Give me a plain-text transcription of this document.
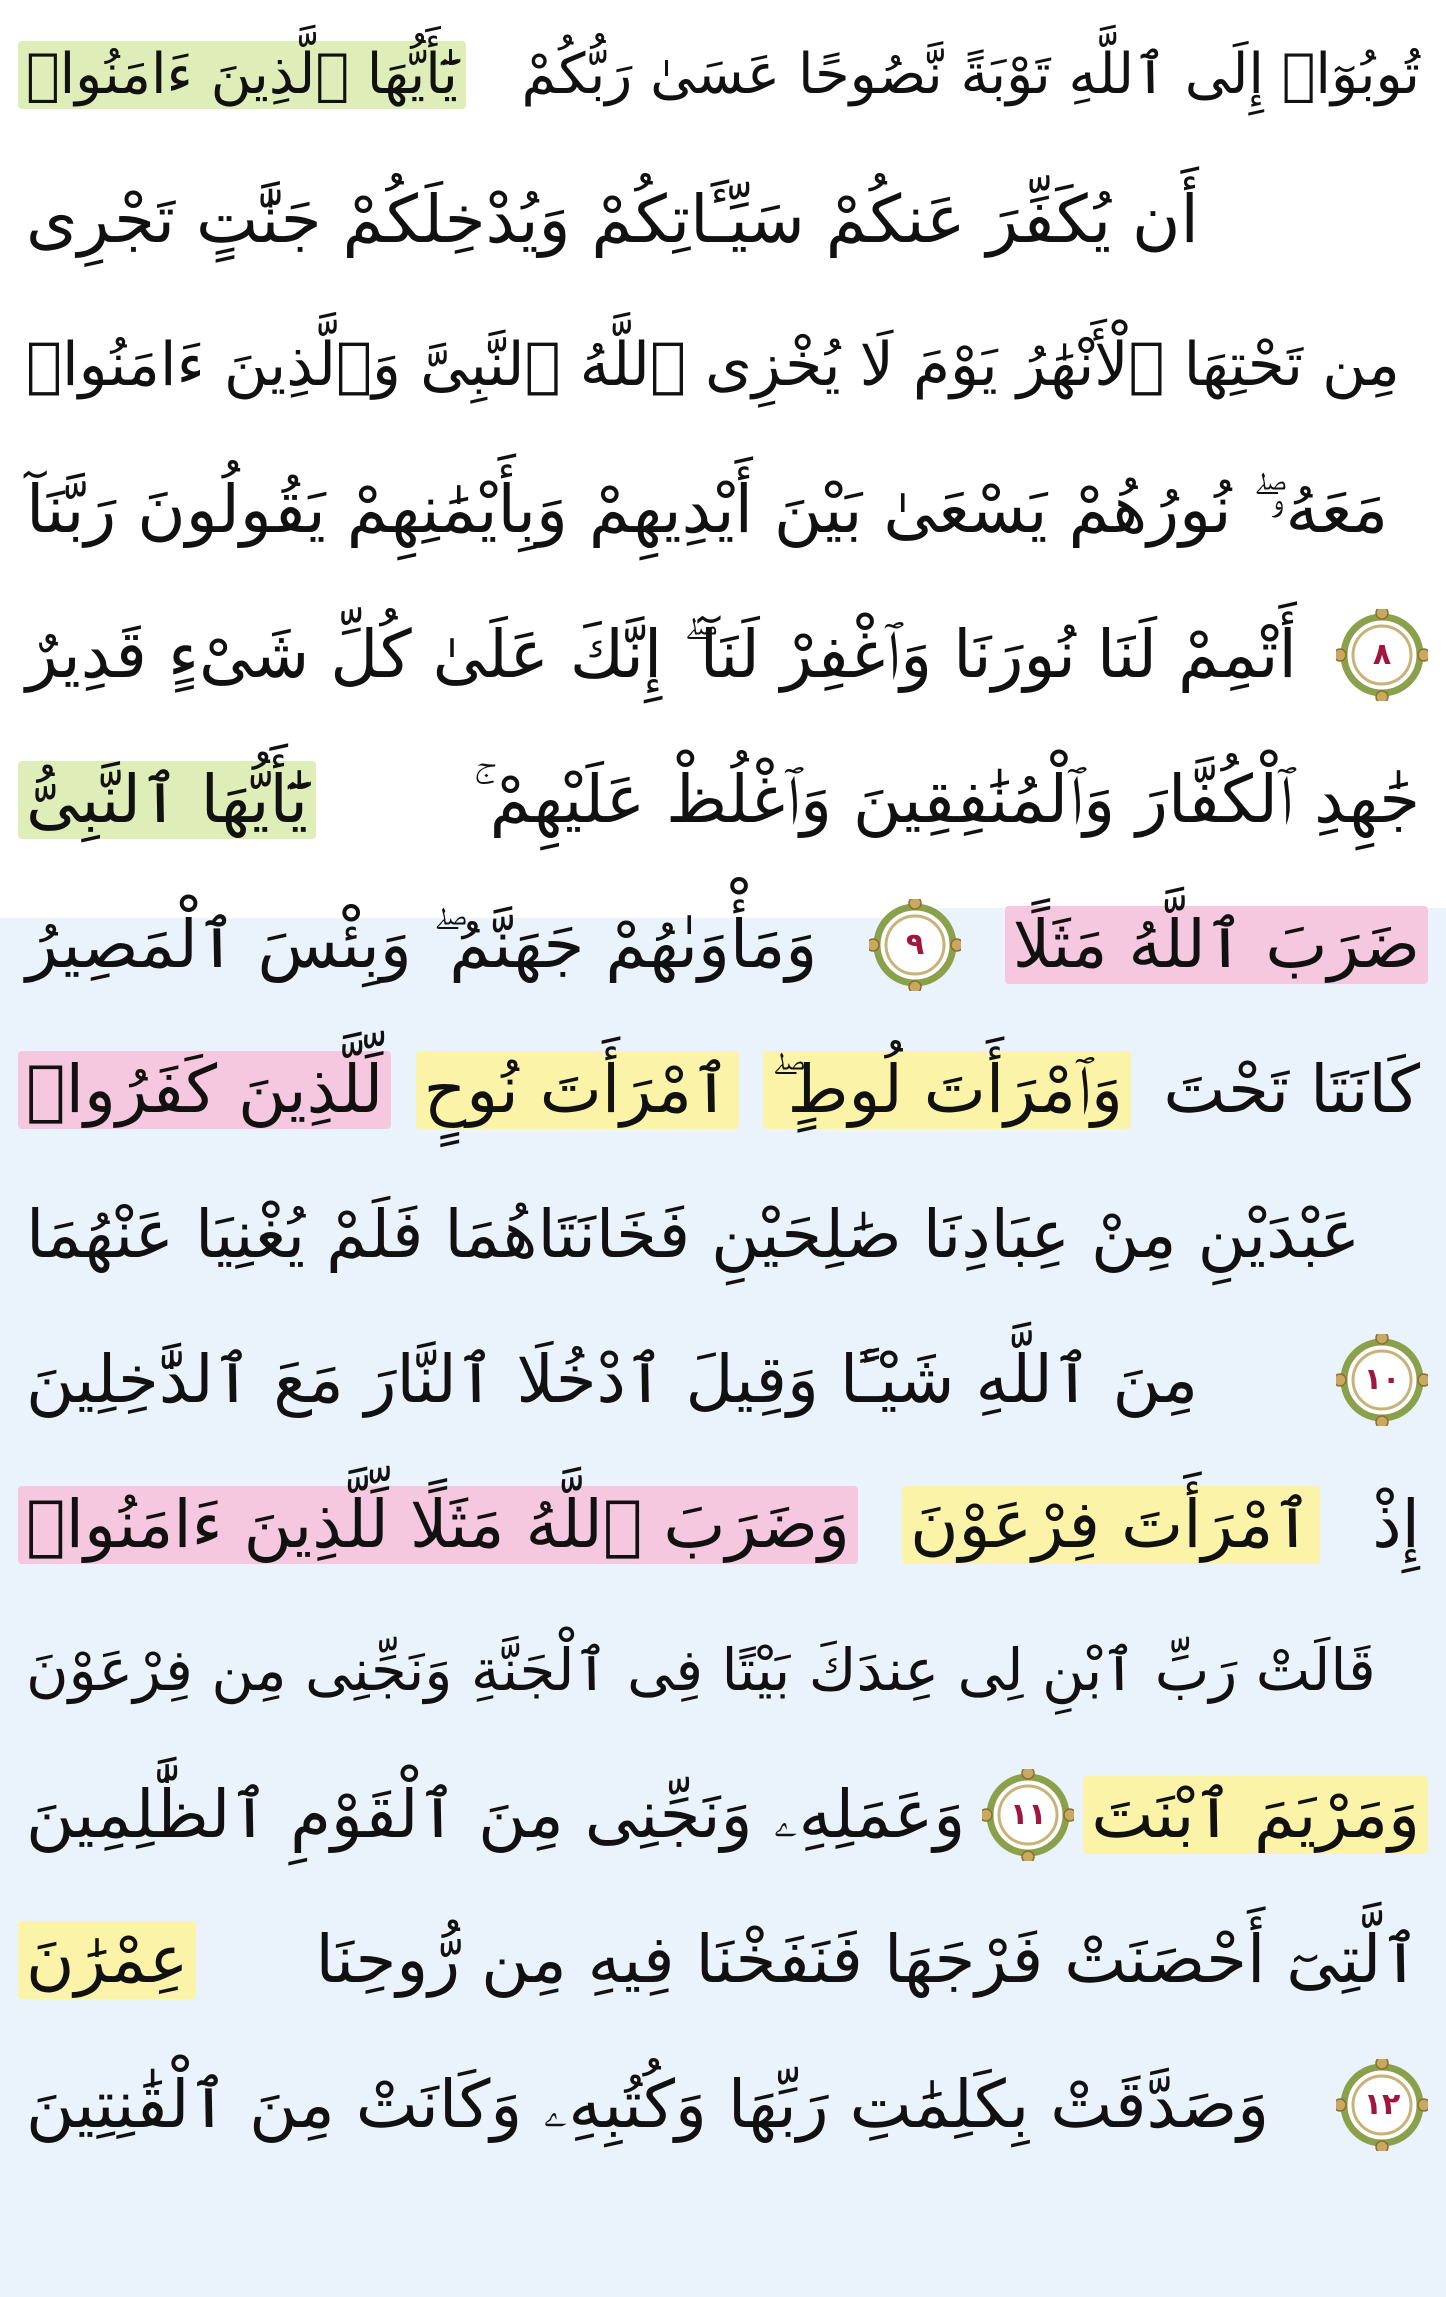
يَٰٓأَيُّهَا ٱلَّذِينَ ءَامَنُوا۟ تُوبُوٓا۟ إِلَى ٱللَّهِ تَوْبَةً نَّصُوحًا عَسَىٰ رَبُّكُمْ
أَن يُكَفِّرَ عَنكُمْ سَيِّـَٔاتِكُمْ وَيُدْخِلَكُمْ جَنَّٰتٍ تَجْرِى
مِن تَحْتِهَا ٱلْأَنْهَٰرُ يَوْمَ لَا يُخْزِى ٱللَّهُ ٱلنَّبِىَّ وَٱلَّذِينَ ءَامَنُوا۟
مَعَهُۥ ۖ نُورُهُمْ يَسْعَىٰ بَيْنَ أَيْدِيهِمْ وَبِأَيْمَٰنِهِمْ يَقُولُونَ رَبَّنَآ
أَتْمِمْ لَنَا نُورَنَا وَٱغْفِرْ لَنَآ ۖ إِنَّكَ عَلَىٰ كُلِّ شَىْءٍ قَدِيرٌ	٨
يَٰٓأَيُّهَا ٱلنَّبِىُّ	جَٰهِدِ ٱلْكُفَّارَ وَٱلْمُنَٰفِقِينَ وَٱغْلُظْ عَلَيْهِمْ ۚ
وَمَأْوَىٰهُمْ جَهَنَّمُ ۖ وَبِئْسَ ٱلْمَصِيرُ	٩ ضَرَبَ ٱللَّهُ مَثَلًا
لِّلَّذِينَ كَفَرُوا۟ ٱمْرَأَتَ نُوحٍ وَٱمْرَأَتَ لُوطٍ ۖ كَانَتَا تَحْتَ
عَبْدَيْنِ مِنْ عِبَادِنَا صَٰلِحَيْنِ فَخَانَتَاهُمَا فَلَمْ يُغْنِيَا عَنْهُمَا
مِنَ ٱللَّهِ شَيْـًٔا وَقِيلَ ٱدْخُلَا ٱلنَّارَ مَعَ ٱلدَّٰخِلِينَ	١٠
وَضَرَبَ ٱللَّهُ مَثَلًا لِّلَّذِينَ ءَامَنُوا۟ ٱمْرَأَتَ فِرْعَوْنَ إِذْ
قَالَتْ رَبِّ ٱبْنِ لِى عِندَكَ بَيْتًا فِى ٱلْجَنَّةِ وَنَجِّنِى مِن فِرْعَوْنَ
وَعَمَلِهِۦ وَنَجِّنِى مِنَ ٱلْقَوْمِ ٱلظَّٰلِمِينَ ١١ وَمَرْيَمَ ٱبْنَتَ
عِمْرَٰنَ ٱلَّتِىٓ أَحْصَنَتْ فَرْجَهَا فَنَفَخْنَا فِيهِ مِن رُّوحِنَا
وَصَدَّقَتْ بِكَلِمَٰتِ رَبِّهَا وَكُتُبِهِۦ وَكَانَتْ مِنَ ٱلْقَٰنِتِينَ	١٢
